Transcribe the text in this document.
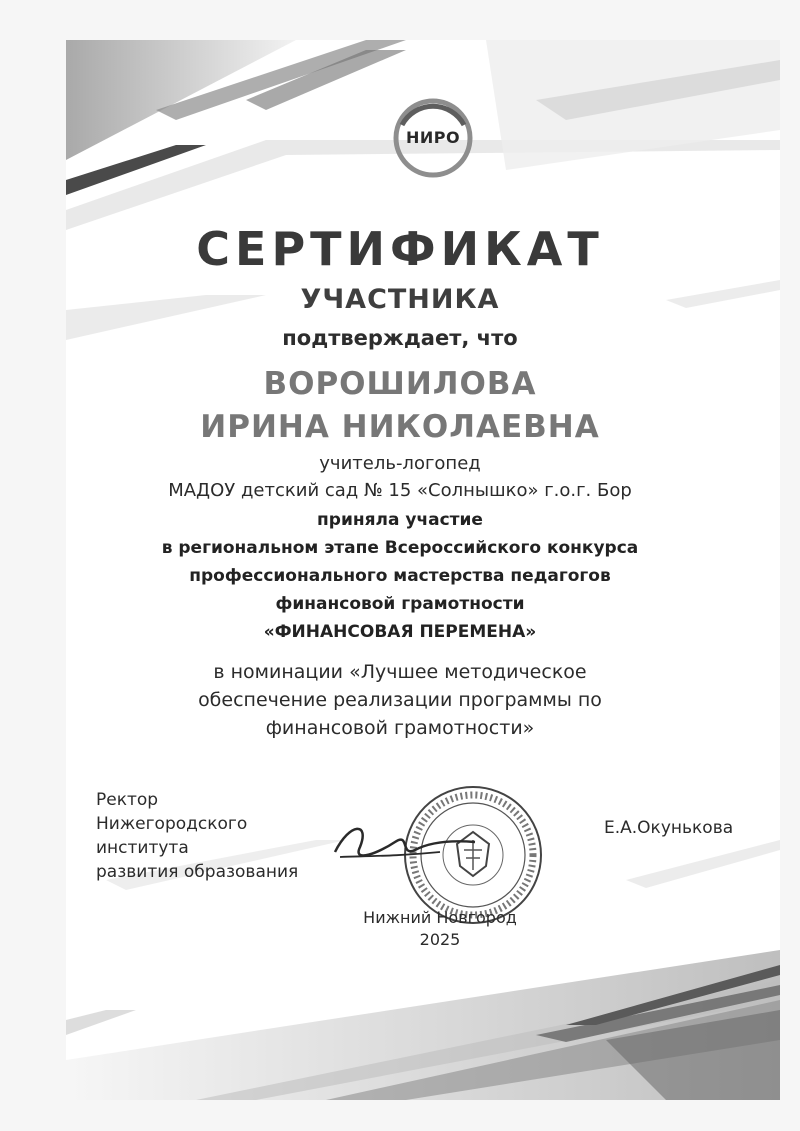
НИРО
СЕРТИФИКАТ
УЧАСТНИКА
подтверждает, что
ВОРОШИЛОВА
ИРИНА НИКОЛАЕВНА
учитель-логопед
МАДОУ детский сад № 15 «Солнышко» г.о.г. Бор
приняла участие
в региональном этапе Всероссийского конкурса
профессионального мастерства педагогов
финансовой грамотности
«ФИНАНСОВАЯ ПЕРЕМЕНА»
в номинации «Лучшее методическое
обеспечение реализации программы по
финансовой грамотности»
Ректор
Нижегородского
института
развития образования
Е.А.Окунькова
Нижний Новгород
2025
